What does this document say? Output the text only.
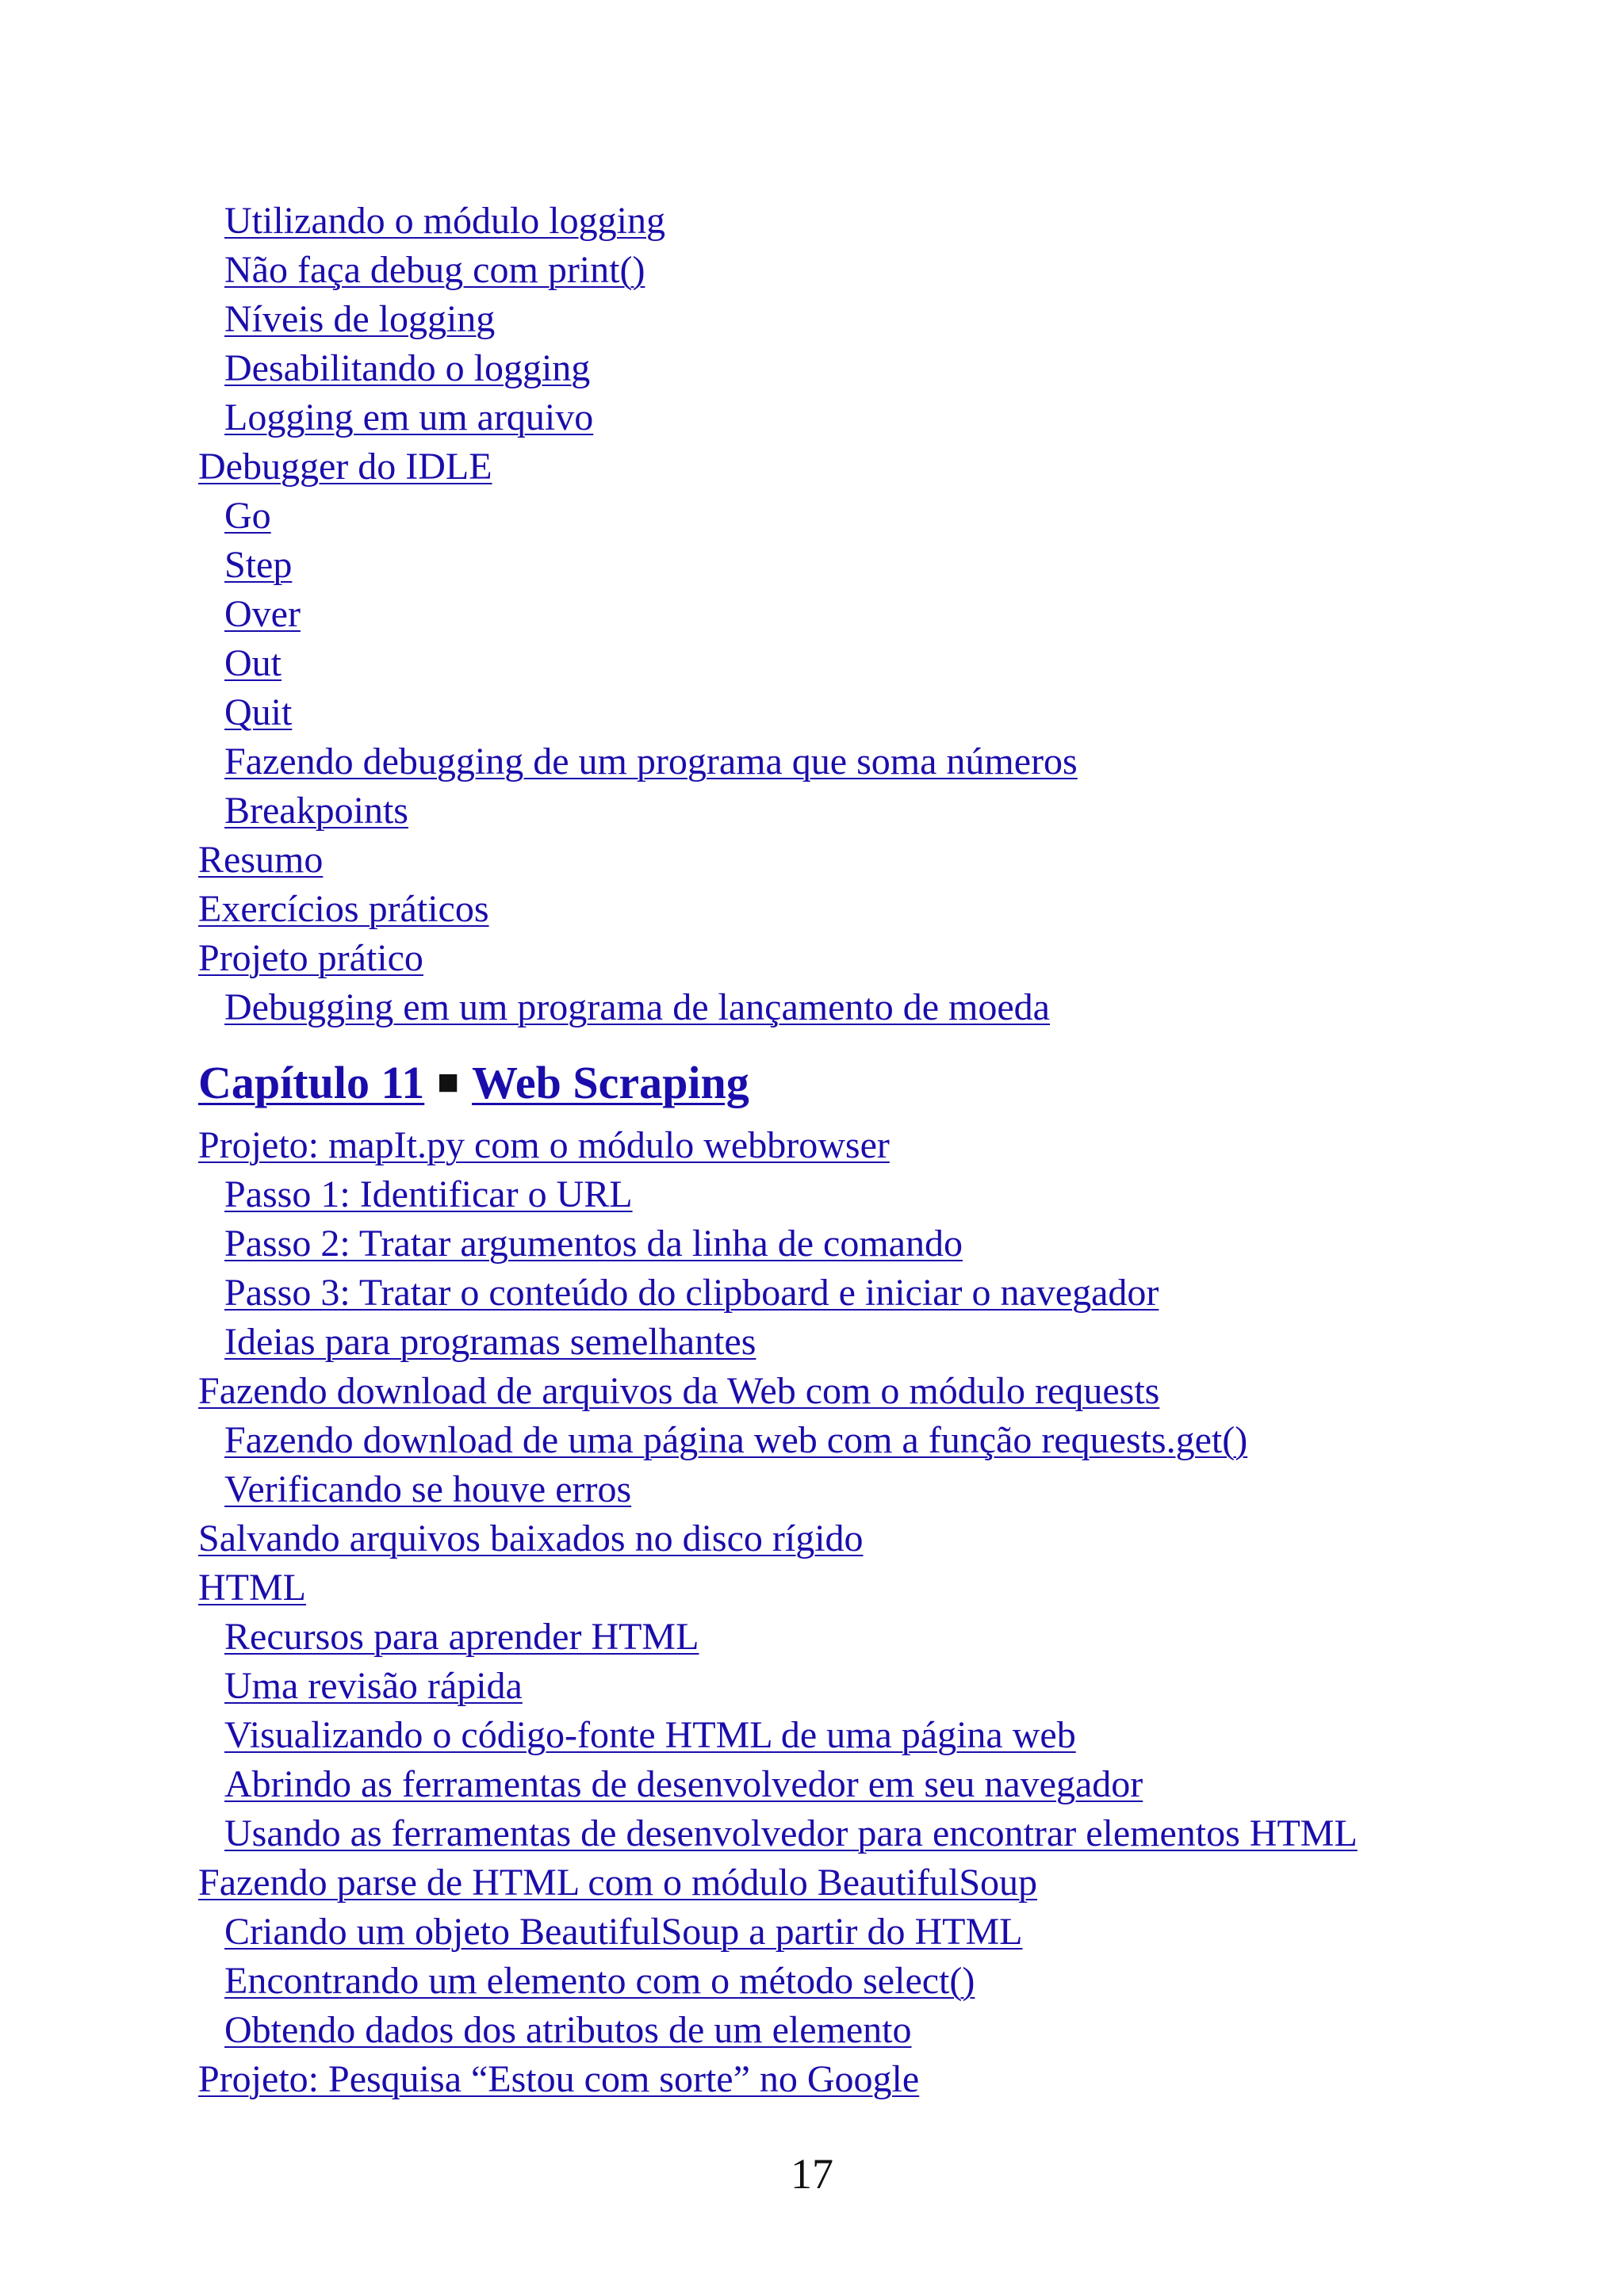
Utilizando o módulo logging
Não faça debug com print()
Níveis de logging
Desabilitando o logging
Logging em um arquivo
Debugger do IDLE
Go
Step
Over
Out
Quit
Fazendo debugging de um programa que soma números
Breakpoints
Resumo
Exercícios práticos
Projeto prático
Debugging em um programa de lançamento de moeda
Capítulo 11 ■ Web Scraping
Projeto: mapIt.py com o módulo webbrowser
Passo 1: Identificar o URL
Passo 2: Tratar argumentos da linha de comando
Passo 3: Tratar o conteúdo do clipboard e iniciar o navegador
Ideias para programas semelhantes
Fazendo download de arquivos da Web com o módulo requests
Fazendo download de uma página web com a função requests.get()
Verificando se houve erros
Salvando arquivos baixados no disco rígido
HTML
Recursos para aprender HTML
Uma revisão rápida
Visualizando o código-fonte HTML de uma página web
Abrindo as ferramentas de desenvolvedor em seu navegador
Usando as ferramentas de desenvolvedor para encontrar elementos HTML
Fazendo parse de HTML com o módulo BeautifulSoup
Criando um objeto BeautifulSoup a partir do HTML
Encontrando um elemento com o método select()
Obtendo dados dos atributos de um elemento
Projeto: Pesquisa “Estou com sorte” no Google
17
